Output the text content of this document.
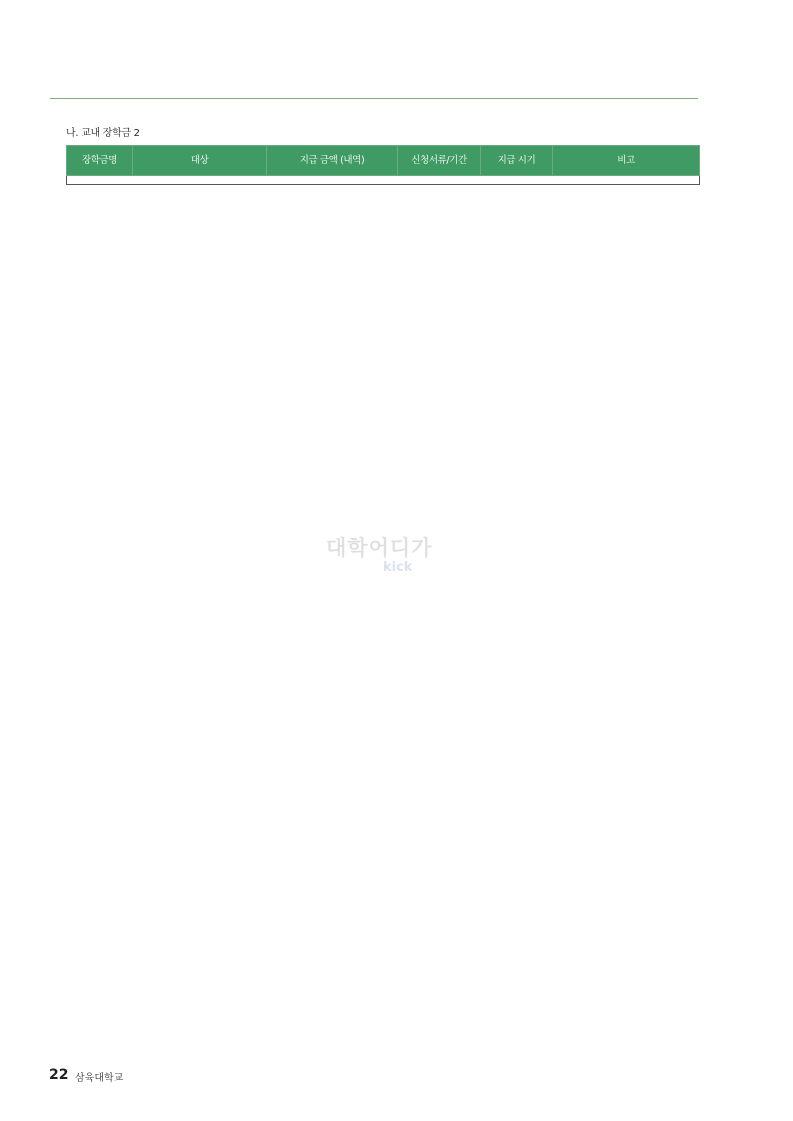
나. 교내 장학금 2
장학금명	대상	지급 금액 (내역)	신청서류/기간	지급 시기	비고

대학어디가
kick
22 삼육대학교
